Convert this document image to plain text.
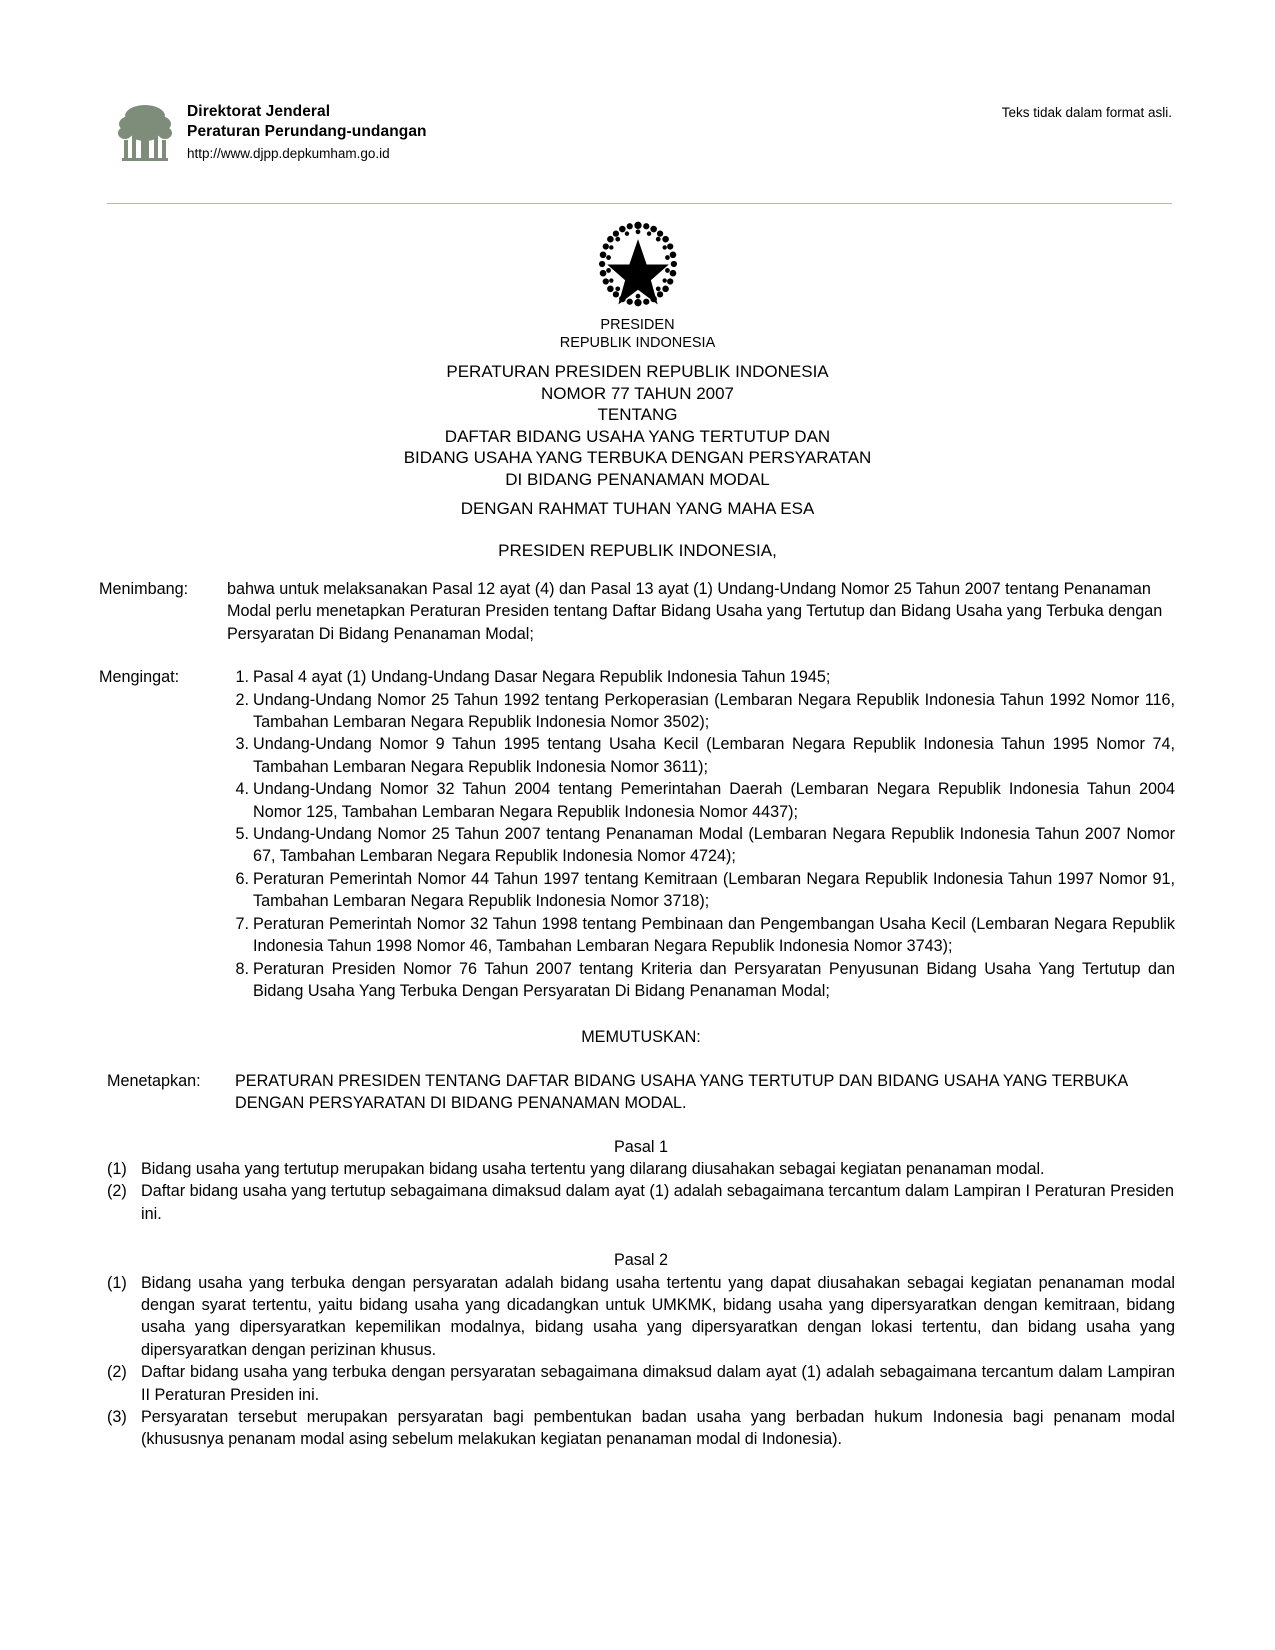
Direktorat Jenderal
Peraturan Perundang-undangan
http://www.djpp.depkumham.go.id
Teks tidak dalam format asli.
PRESIDEN
REPUBLIK INDONESIA
PERATURAN PRESIDEN REPUBLIK INDONESIA
NOMOR 77 TAHUN 2007
TENTANG
DAFTAR BIDANG USAHA YANG TERTUTUP DAN
BIDANG USAHA YANG TERBUKA DENGAN PERSYARATAN
DI BIDANG PENANAMAN MODAL
DENGAN RAHMAT TUHAN YANG MAHA ESA
PRESIDEN REPUBLIK INDONESIA,
Menimbang:	bahwa untuk melaksanakan Pasal 12 ayat (4) dan Pasal 13 ayat (1) Undang-Undang Nomor 25 Tahun 2007 tentang Penanaman Modal perlu menetapkan Peraturan Presiden tentang Daftar Bidang Usaha yang Tertutup dan Bidang Usaha yang Terbuka dengan Persyaratan Di Bidang Penanaman Modal;

Mengingat:	1. Pasal 4 ayat (1) Undang-Undang Dasar Negara Republik Indonesia Tahun 1945;
2. Undang-Undang Nomor 25 Tahun 1992 tentang Perkoperasian (Lembaran Negara Republik Indonesia Tahun 1992 Nomor 116, Tambahan Lembaran Negara Republik Indonesia Nomor 3502);
3. Undang-Undang Nomor 9 Tahun 1995 tentang Usaha Kecil (Lembaran Negara Republik Indonesia Tahun 1995 Nomor 74, Tambahan Lembaran Negara Republik Indonesia Nomor 3611);
4. Undang-Undang Nomor 32 Tahun 2004 tentang Pemerintahan Daerah (Lembaran Negara Republik Indonesia Tahun 2004 Nomor 125, Tambahan Lembaran Negara Republik Indonesia Nomor 4437);
5. Undang-Undang Nomor 25 Tahun 2007 tentang Penanaman Modal (Lembaran Negara Republik Indonesia Tahun 2007 Nomor 67, Tambahan Lembaran Negara Republik Indonesia Nomor 4724);
6. Peraturan Pemerintah Nomor 44 Tahun 1997 tentang Kemitraan (Lembaran Negara Republik Indonesia Tahun 1997 Nomor 91, Tambahan Lembaran Negara Republik Indonesia Nomor 3718);
7. Peraturan Pemerintah Nomor 32 Tahun 1998 tentang Pembinaan dan Pengembangan Usaha Kecil (Lembaran Negara Republik Indonesia Tahun 1998 Nomor 46, Tambahan Lembaran Negara Republik Indonesia Nomor 3743);
8. Peraturan Presiden Nomor 76 Tahun 2007 tentang Kriteria dan Persyaratan Penyusunan Bidang Usaha Yang Tertutup dan Bidang Usaha Yang Terbuka Dengan Persyaratan Di Bidang Penanaman Modal;
MEMUTUSKAN:
Menetapkan:	PERATURAN PRESIDEN TENTANG DAFTAR BIDANG USAHA YANG TERTUTUP DAN BIDANG USAHA YANG TERBUKA DENGAN PERSYARATAN DI BIDANG PENANAMAN MODAL.

Pasal 1
(1) Bidang usaha yang tertutup merupakan bidang usaha tertentu yang dilarang diusahakan sebagai kegiatan penanaman modal.
(2) Daftar bidang usaha yang tertutup sebagaimana dimaksud dalam ayat (1) adalah sebagaimana tercantum dalam Lampiran I Peraturan Presiden ini.
Pasal 2
(1) Bidang usaha yang terbuka dengan persyaratan adalah bidang usaha tertentu yang dapat diusahakan sebagai kegiatan penanaman modal dengan syarat tertentu, yaitu bidang usaha yang dicadangkan untuk UMKMK, bidang usaha yang dipersyaratkan dengan kemitraan, bidang usaha yang dipersyaratkan kepemilikan modalnya, bidang usaha yang dipersyaratkan dengan lokasi tertentu, dan bidang usaha yang dipersyaratkan dengan perizinan khusus.
(2) Daftar bidang usaha yang terbuka dengan persyaratan sebagaimana dimaksud dalam ayat (1) adalah sebagaimana tercantum dalam Lampiran II Peraturan Presiden ini.
(3) Persyaratan tersebut merupakan persyaratan bagi pembentukan badan usaha yang berbadan hukum Indonesia bagi penanam modal (khususnya penanam modal asing sebelum melakukan kegiatan penanaman modal di Indonesia).
